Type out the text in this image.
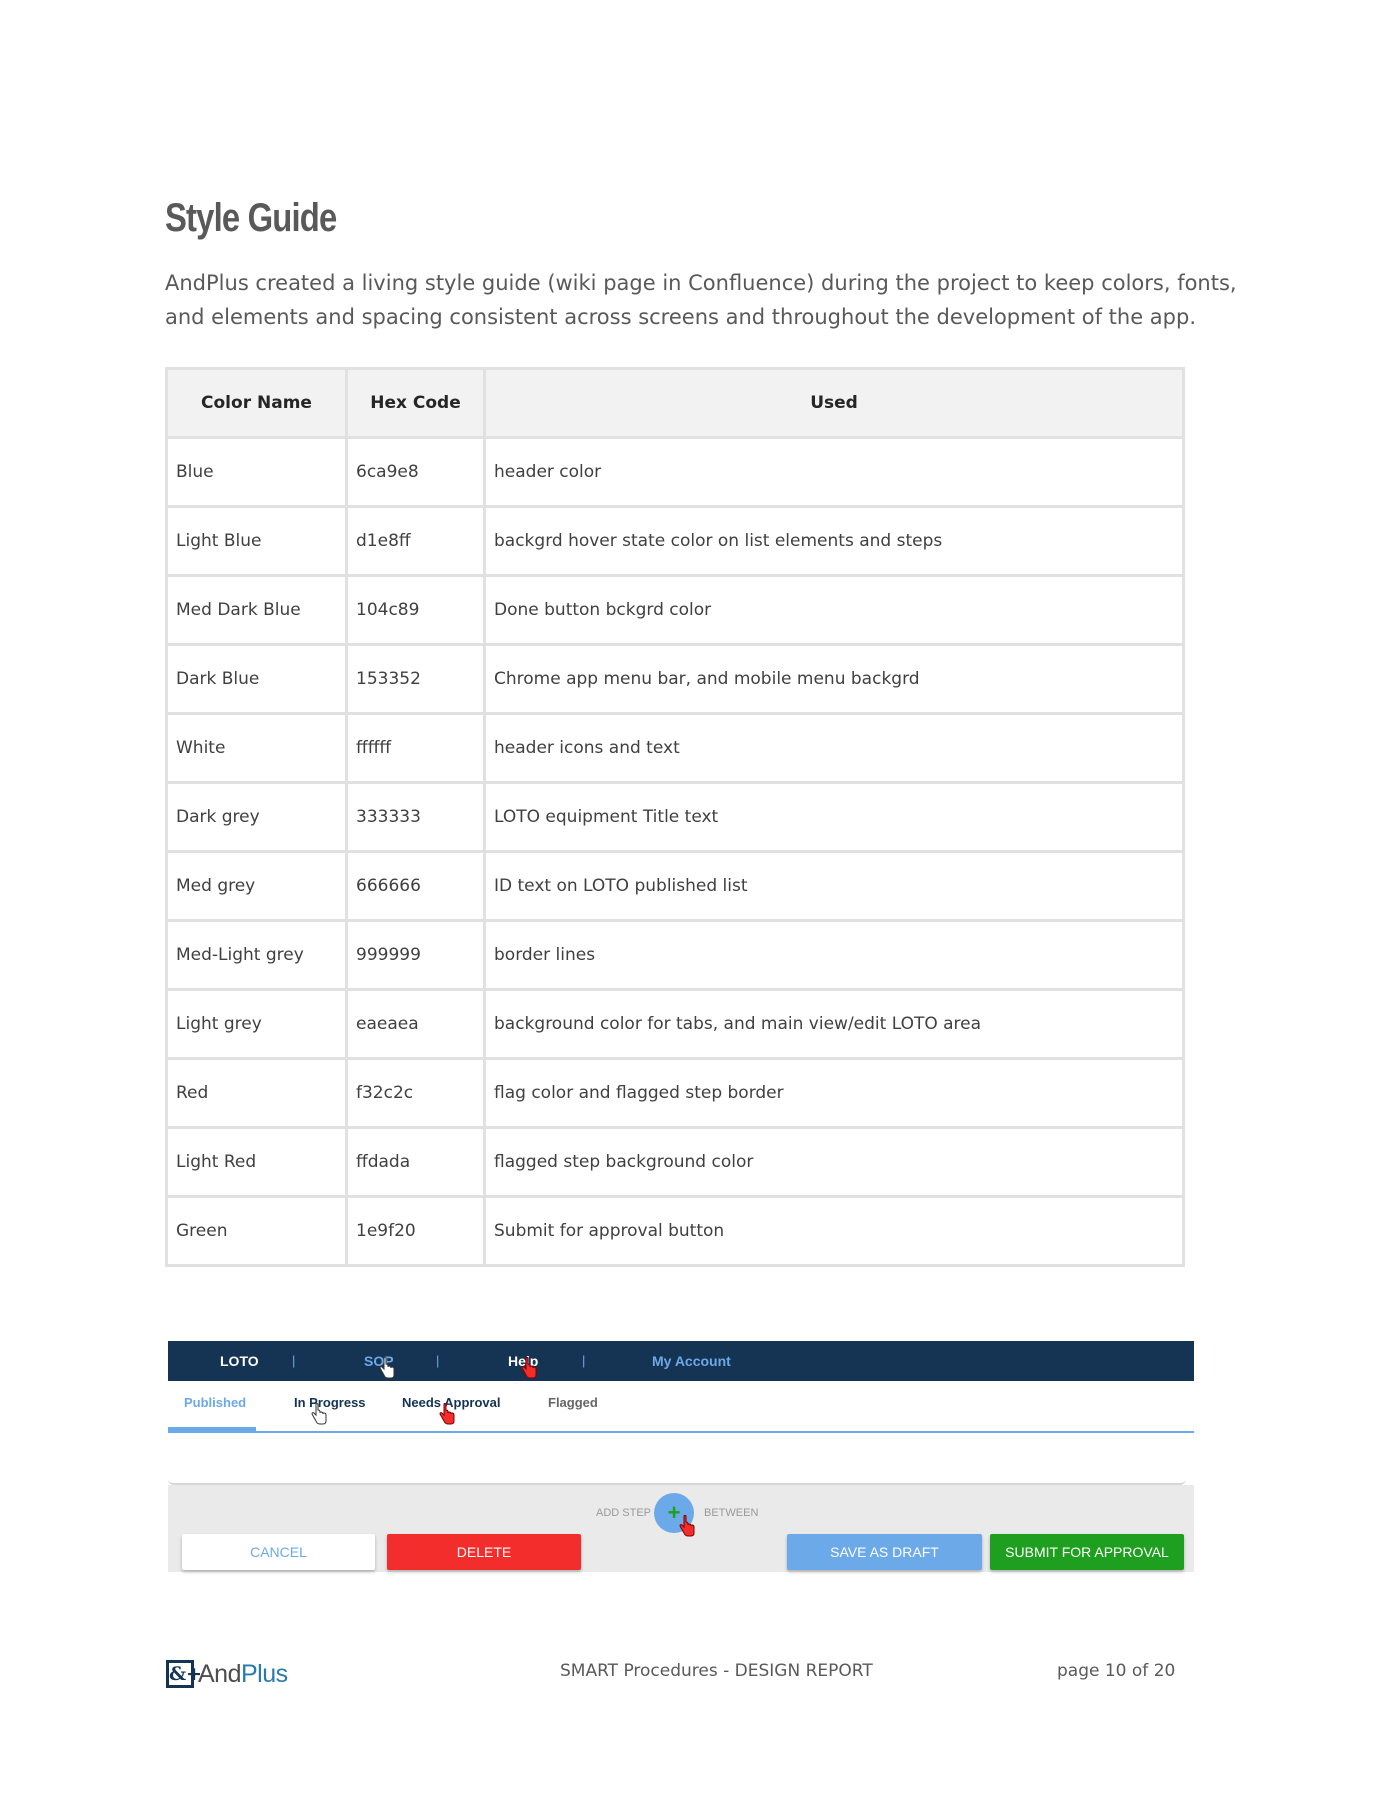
Style Guide

AndPlus created a living style guide (wiki page in Confluence) during the project to keep colors, fonts, and elements and spacing consistent across screens and throughout the development of the app.

Color Name	Hex Code	Used
Blue	6ca9e8	header color
Light Blue	d1e8ff	backgrd hover state color on list elements and steps
Med Dark Blue	104c89	Done button bckgrd color
Dark Blue	153352	Chrome app menu bar, and mobile menu backgrd
White	ffffff	header icons and text
Dark grey	333333	LOTO equipment Title text
Med grey	666666	ID text on LOTO published list
Med-Light grey	999999	border lines
Light grey	eaeaea	background color for tabs, and main view/edit LOTO area
Red	f32c2c	flag color and flagged step border
Light Red	ffdada	flagged step background color
Green	1e9f20	Submit for approval button
LOTO	|	SOP	|	Help	|	My Account
Published	In Progress	Needs Approval	Flagged
ADD STEP +	BETWEEN
CANCEL	DELETE	SAVE AS DRAFT	SUBMIT FOR APPROVAL
&+
AndPlus	SMART Procedures - DESIGN REPORT	page 10 of 20
